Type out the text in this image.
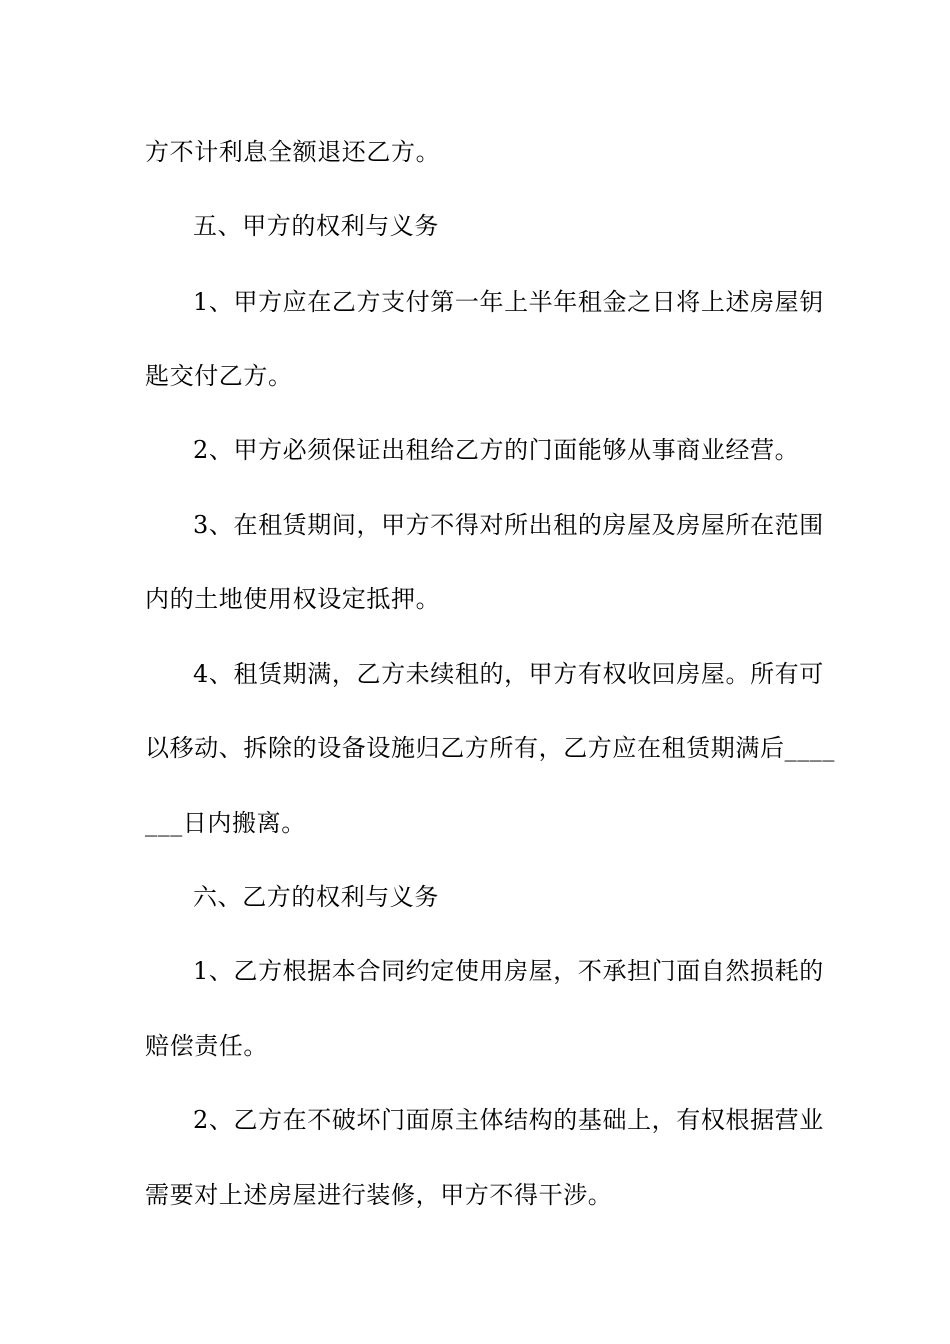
方不计利息全额退还乙方。
五、甲方的权利与义务
1、甲方应在乙方支付第一年上半年租金之日将上述房屋钥
匙交付乙方。
2、甲方必须保证出租给乙方的门面能够从事商业经营。
3、在租赁期间，甲方不得对所出租的房屋及房屋所在范围
内的土地使用权设定抵押。
4、租赁期满，乙方未续租的，甲方有权收回房屋。所有可
以移动、拆除的设备设施归乙方所有，乙方应在租赁期满后____
___日内搬离。
六、乙方的权利与义务
1、乙方根据本合同约定使用房屋，不承担门面自然损耗的
赔偿责任。
2、乙方在不破坏门面原主体结构的基础上，有权根据营业
需要对上述房屋进行装修，甲方不得干涉。
